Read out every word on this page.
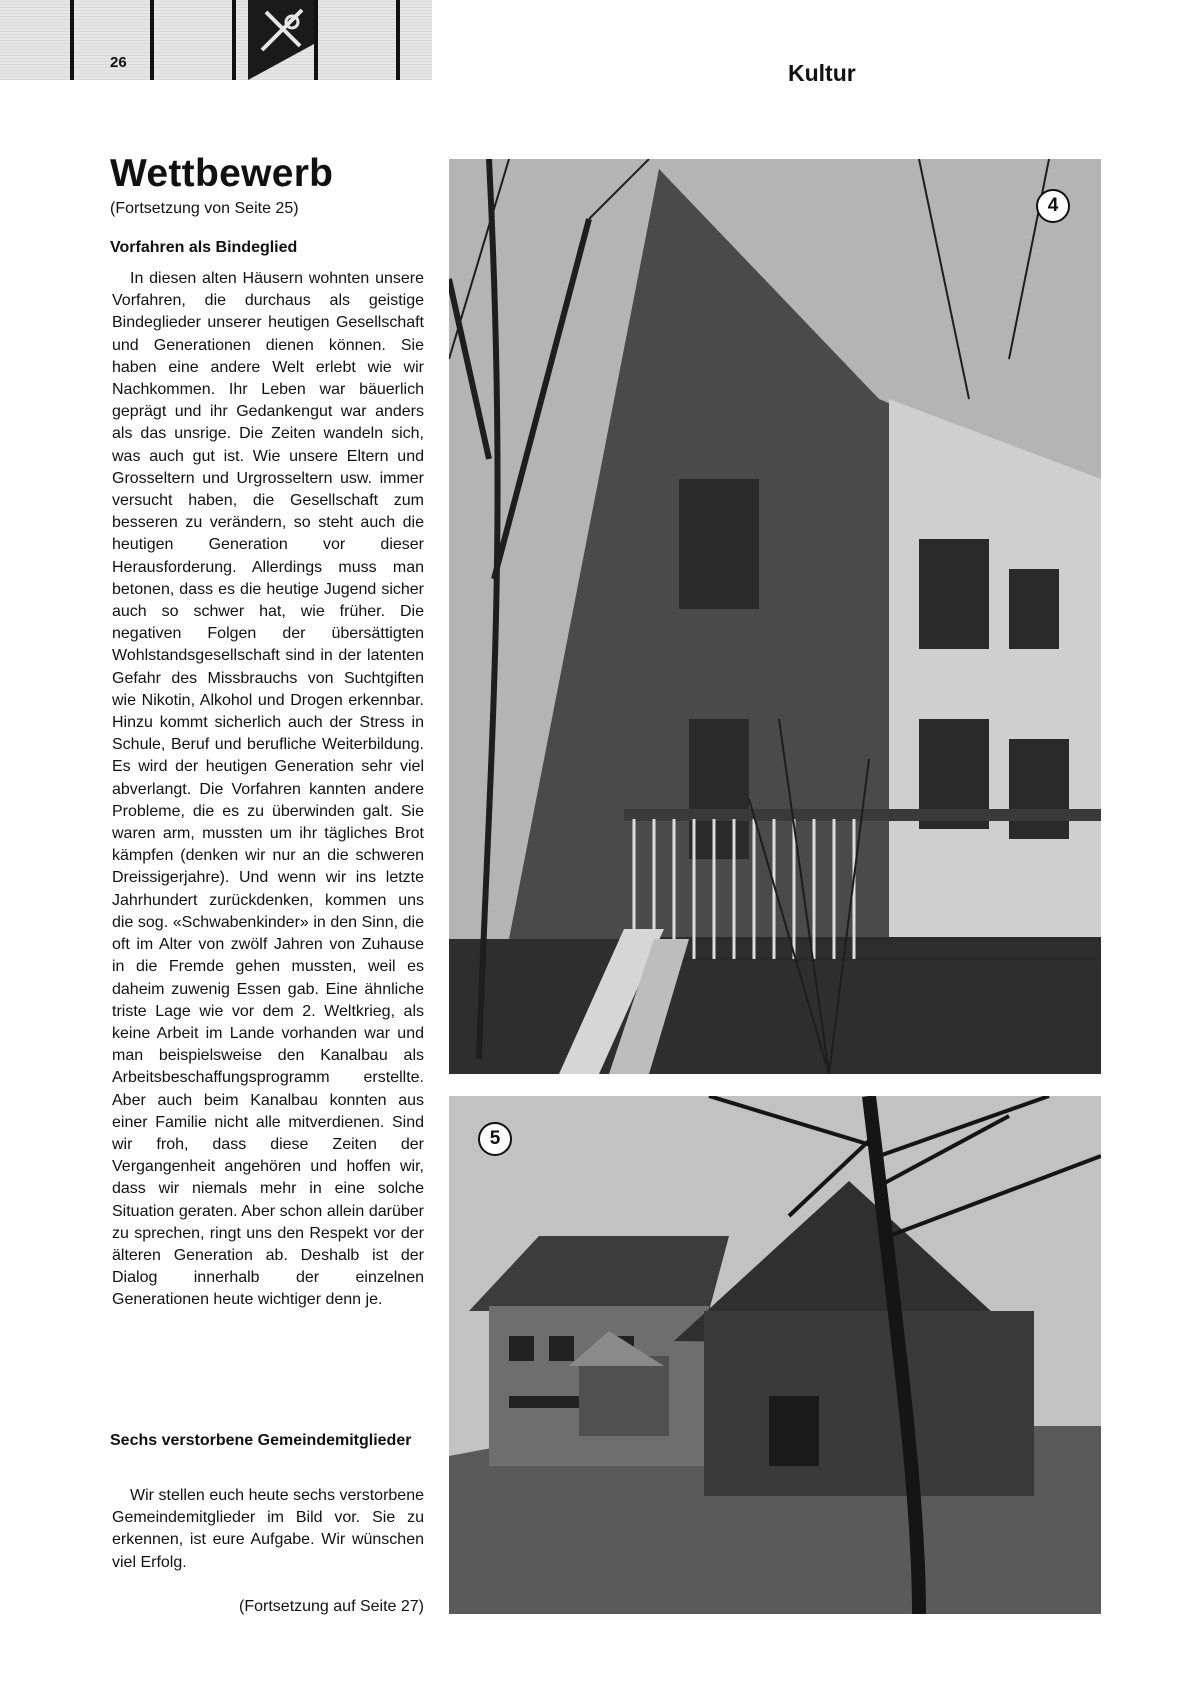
26	Kultur
Wettbewerb
(Fortsetzung von Seite 25)
Vorfahren als Bindeglied

In diesen alten Häusern wohnten unsere Vorfahren, die durchaus als geistige Bindeglieder unserer heutigen Gesellschaft und Generationen dienen können. Sie haben eine andere Welt erlebt wie wir Nachkommen. Ihr Leben war bäuerlich geprägt und ihr Gedankengut war anders als das unsrige. Die Zeiten wandeln sich, was auch gut ist. Wie unsere Eltern und Grosseltern und Urgrosseltern usw. immer versucht haben, die Gesellschaft zum besseren zu verändern, so steht auch die heutigen Generation vor dieser Herausforderung. Allerdings muss man betonen, dass es die heutige Jugend sicher auch so schwer hat, wie früher. Die negativen Folgen der übersättigten Wohlstandsgesellschaft sind in der latenten Gefahr des Missbrauchs von Suchtgiften wie Nikotin, Alkohol und Drogen erkennbar. Hinzu kommt sicherlich auch der Stress in Schule, Beruf und berufliche Weiterbildung. Es wird der heutigen Generation sehr viel abverlangt. Die Vorfahren kannten andere Probleme, die es zu überwinden galt. Sie waren arm, mussten um ihr tägliches Brot kämpfen (denken wir nur an die schweren Dreissigerjahre). Und wenn wir ins letzte Jahrhundert zurückdenken, kommen uns die sog. «Schwabenkinder» in den Sinn, die oft im Alter von zwölf Jahren von Zuhause in die Fremde gehen mussten, weil es daheim zuwenig Essen gab. Eine ähnliche triste Lage wie vor dem 2. Weltkrieg, als keine Arbeit im Lande vorhanden war und man beispielsweise den Kanalbau als Arbeitsbeschaffungsprogramm erstellte. Aber auch beim Kanalbau konnten aus einer Familie nicht alle mitverdienen. Sind wir froh, dass diese Zeiten der Vergangenheit angehören und hoffen wir, dass wir niemals mehr in eine solche Situation geraten. Aber schon allein darüber zu sprechen, ringt uns den Respekt vor der älteren Generation ab. Deshalb ist der Dialog innerhalb der einzelnen Generationen heute wichtiger denn je.

Sechs verstorbene Gemeindemitglieder

Wir stellen euch heute sechs verstorbene Gemeindemitglieder im Bild vor. Sie zu erkennen, ist eure Aufgabe. Wir wünschen viel Erfolg.

(Fortsetzung auf Seite 27)
4
5
